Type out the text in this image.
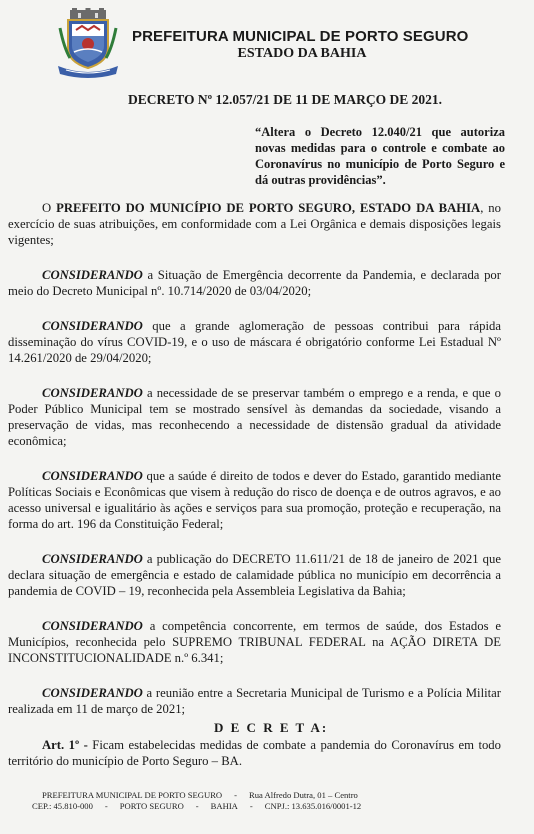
PREFEITURA MUNICIPAL DE PORTO SEGURO
ESTADO DA BAHIA
DECRETO Nº 12.057/21 DE 11 DE MARÇO DE 2021.
“Altera o Decreto 12.040/21 que autoriza novas medidas para o controle e combate ao Coronavírus no município de Porto Seguro e dá outras providências”.

O PREFEITO DO MUNICÍPIO DE PORTO SEGURO, ESTADO DA BAHIA, no exercício de suas atribuições, em conformidade com a Lei Orgânica e demais disposições legais vigentes;

CONSIDERANDO a Situação de Emergência decorrente da Pandemia, e declarada por meio do Decreto Municipal nº. 10.714/2020 de 03/04/2020;

CONSIDERANDO que a grande aglomeração de pessoas contribui para rápida disseminação do vírus COVID-19, e o uso de máscara é obrigatório conforme Lei Estadual Nº 14.261/2020 de 29/04/2020;

CONSIDERANDO a necessidade de se preservar também o emprego e a renda, e que o Poder Público Municipal tem se mostrado sensível às demandas da sociedade, visando a preservação de vidas, mas reconhecendo a necessidade de distensão gradual da atividade econômica;

CONSIDERANDO que a saúde é direito de todos e dever do Estado, garantido mediante Políticas Sociais e Econômicas que visem à redução do risco de doença e de outros agravos, e ao acesso universal e igualitário às ações e serviços para sua promoção, proteção e recuperação, na forma do art. 196 da Constituição Federal;

CONSIDERANDO a publicação do DECRETO 11.611/21 de 18 de janeiro de 2021 que declara situação de emergência e estado de calamidade pública no município em decorrência a pandemia de COVID – 19, reconhecida pela Assembleia Legislativa da Bahia;

CONSIDERANDO a competência concorrente, em termos de saúde, dos Estados e Municípios, reconhecida pelo SUPREMO TRIBUNAL FEDERAL na AÇÃO DIRETA DE INCONSTITUCIONALIDADE n.º 6.341;

CONSIDERANDO a reunião entre a Secretaria Municipal de Turismo e a Polícia Militar realizada em 11 de março de 2021;

D E C R E T A:
Art. 1º - Ficam estabelecidas medidas de combate a pandemia do Coronavírus em todo território do município de Porto Seguro – BA.
PREFEITURA MUNICIPAL DE PORTO SEGURO - Rua Alfredo Dutra, 01 – Centro
CEP.: 45.810-000 - PORTO SEGURO - BAHIA - CNPJ.: 13.635.016/0001-12
